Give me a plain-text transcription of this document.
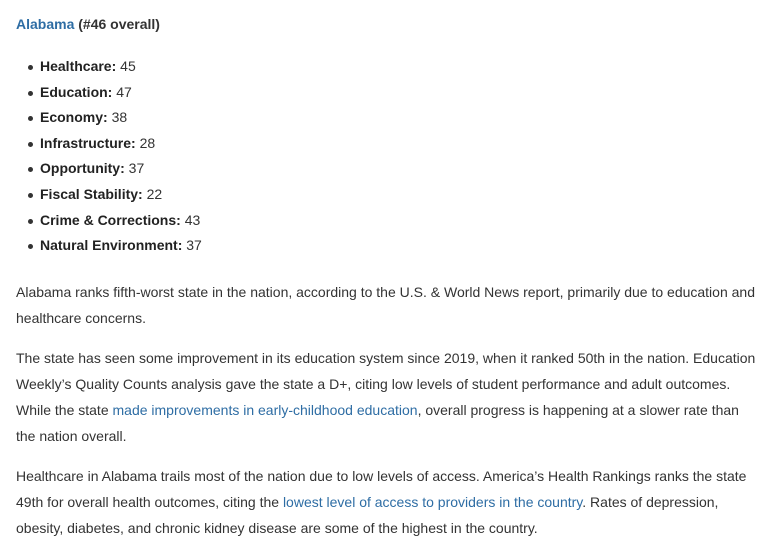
Alabama (#46 overall)

Healthcare: 45
Education: 47
Economy: 38
Infrastructure: 28
Opportunity: 37
Fiscal Stability: 22
Crime & Corrections: 43
Natural Environment: 37

Alabama ranks fifth-worst state in the nation, according to the U.S. & World News report, primarily due to education and healthcare concerns.

The state has seen some improvement in its education system since 2019, when it ranked 50th in the nation. Education Weekly’s Quality Counts analysis gave the state a D+, citing low levels of student performance and adult outcomes. While the state made improvements in early-childhood education, overall progress is happening at a slower rate than the nation overall.

Healthcare in Alabama trails most of the nation due to low levels of access. America’s Health Rankings ranks the state 49th for overall health outcomes, citing the lowest level of access to providers in the country. Rates of depression, obesity, diabetes, and chronic kidney disease are some of the highest in the country.
